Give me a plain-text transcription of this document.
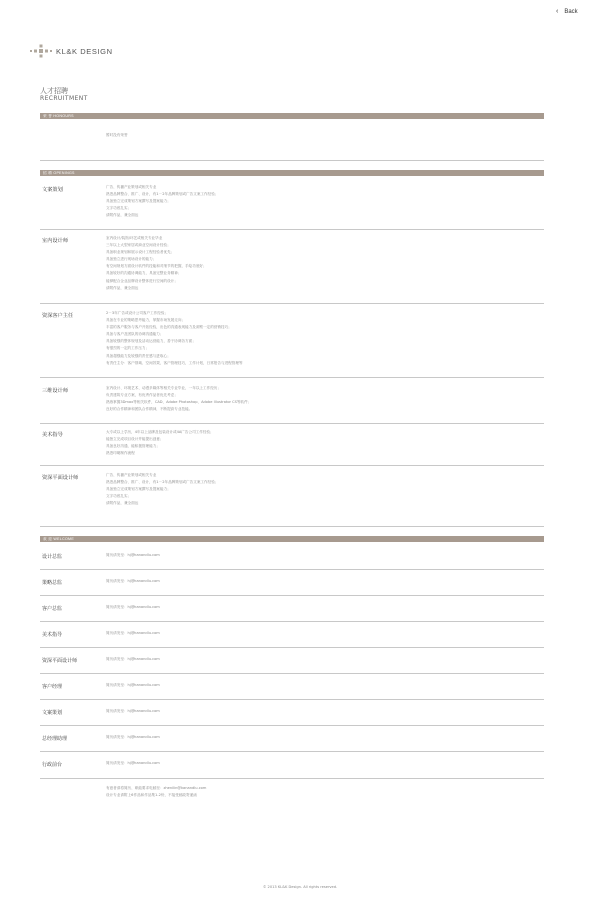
‹ Back
KL&K DESIGN
人才招聘
RECRUITMENT
荣 誉 HONOURS
暂时没有荣誉
招 聘 OPENINGS
文案策划	广告、传播产业策划或相关专业
熟悉品牌整合、推广、设计，有1－2年品牌策划或广告文案工作经验；
具备独立完成策划方案撰写及提案能力；
文字功底扎实；
请附作品，兼全面达
室内设计师	室内设计/装饰/环艺或相关专业毕业
三年以上大型家居或商业空间设计经验；
具备职业规划和展示设计工程经验者优先；
具备独立进行现场设计的能力；
有空间规划方面设计软件的技能和对细节的把握，手绘功底好；
具备较好的沟通协调能力，具备完整业务精神；
能够配合企业品牌设计整体进行空间的设计；
请附作品，兼全面达
资深客户主任	2－3年广告或设计公司客户工作经验；
具备在专业的策略思考能力，掌握市场发展走向；
丰富的客户服务与客户开拓经验，出色的沟通表现能力及洞察一定的营销技巧；
具备与客户及团队的协调沟通能力；
具备较强的整体规划及活动运营能力，善于协调各方面；
有强烈的一定的工作压力；
具备超强能力及较强的责任感与进取心；
有责任主分：客户领域、空间效果，客户管理技巧，工作计划，日常报告与进程管理等
三维设计师	室内设计、环境艺术、动漫多媒体等相关专业毕业，一年以上工作经历；
负责建筑专业方案，有优秀作品者优先考虑；
熟练掌握3Dmax等相关软件，CAD、Adobe Photoshop、Adobe Illustrator CS等软件；
良好的合作精神和团队合作精神，不断提高专业技能。
美术指导	大专或以上学历，4年以上品牌及包装设计或4A广告公司工作经验；
能独立完成项目设计并能提出创意；
具备良好沟通，能积极管理能力；
熟悉印刷制作流程
资深平面设计师	广告、传播产业策划或相关专业
熟悉品牌整合、推广、设计，有1－2年品牌策划或广告文案工作经验；
具备独立完成策划方案撰写及提案能力；
文字功底扎实；
请附作品，兼全面达
欢 迎 WELCOME
设计总监	简历请发至：hj@kanandlu.com
策略总监	简历请发至：hj@kanandlu.com
客户总监	简历请发至：hj@kanandlu.com
美术指导	简历请发至：hj@kanandlu.com
资深平面设计师	简历请发至：hj@kanandlu.com
客户经理	简历请发至：hj@kanandlu.com
文案策划	简历请发至：hj@kanandlu.com
总经理助理	简历请发至：hj@kanandlu.com
行政前台	简历请发至：hj@kanandlu.com
有意者请将简历、职能要求电邮至：zhenilin@kanandlu.com
设计专业请附上6作品和作品集1-2份，不接受邮政寄递函
© 2013 KL&K Design. All rights reserved.
